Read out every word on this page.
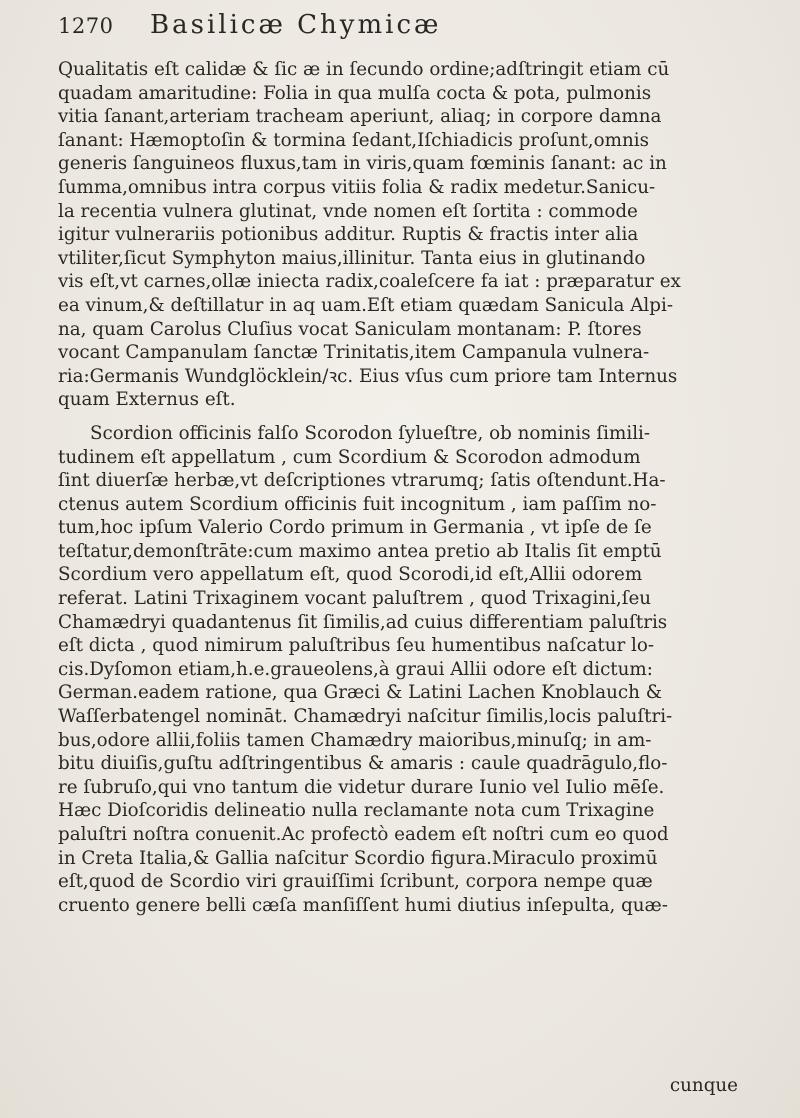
1270	Basilicæ Chymicæ
Qualitatis eſt calidæ & ſic æ in ſecundo ordine;adſtringit etiam cū
quadam amaritudine: Folia in qua mulſa cocta & pota, pulmonis
vitia ſanant,arteriam tracheam aperiunt, aliaq; in corpore damna
ſanant: Hæmoptoſin & tormina ſedant,Iſchiadicis proſunt,omnis
generis ſanguineos fluxus,tam in viris,quam fœminis ſanant: ac in
ſumma,omnibus intra corpus vitiis folia & radix medetur.Sanicu-
la recentia vulnera glutinat, vnde nomen eſt ſortita : commode
igitur vulnerariis potionibus additur. Ruptis & fractis inter alia
vtiliter,ſicut Symphyton maius,illinitur. Tanta eius in glutinando
vis eſt,vt carnes,ollæ iniecta radix,coaleſcere fa iat : præparatur ex
ea vinum,& deſtillatur in aq uam.Eſt etiam quædam Sanicula Alpi-
na, quam Carolus Cluſius vocat Saniculam montanam: P. ſtores
vocant Campanulam ſanctæ Trinitatis,item Campanula vulnera-
ria:Germanis Wundglöcklein/ꝛc. Eius vſus cum priore tam Internus
quam Externus eſt.
Scordion officinis falſo Scorodon ſylueſtre, ob nominis ſimili-
tudinem eſt appellatum , cum Scordium & Scorodon admodum
ſint diuerſæ herbæ,vt deſcriptiones vtrarumq; ſatis oſtendunt.Ha-
ctenus autem Scordium officinis fuit incognitum , iam paſſim no-
tum,hoc ipſum Valerio Cordo primum in Germania , vt ipſe de ſe
teſtatur,demonſtrāte:cum maximo antea pretio ab Italis ſit emptū
Scordium vero appellatum eſt, quod Scorodi,id eſt,Allii odorem
referat. Latini Trixaginem vocant paluſtrem , quod Trixagini,ſeu
Chamædryi quadantenus ſit ſimilis,ad cuius differentiam paluſtris
eſt dicta , quod nimirum paluſtribus ſeu humentibus naſcatur lo-
cis.Dyſomon etiam,h.e.graueolens,à graui Allii odore eſt dictum:
German.eadem ratione, qua Græci & Latini Lachen Knoblauch &
Waſſerbatengel nomināt. Chamædryi naſcitur ſimilis,locis paluſtri-
bus,odore allii,foliis tamen Chamædry maioribus,minuſq; in am-
bitu diuiſis,guſtu adſtringentibus & amaris : caule quadrāgulo,flo-
re ſubruſo,qui vno tantum die videtur durare Iunio vel Iulio mēſe.
Hæc Dioſcoridis delineatio nulla reclamante nota cum Trixagine
paluſtri noſtra conuenit.Ac profectò eadem eſt noſtri cum eo quod
in Creta Italia,& Gallia naſcitur Scordio figura.Miraculo proximū
eſt,quod de Scordio viri grauiſſimi ſcribunt, corpora nempe quæ
cruento genere belli cæſa manſiſſent humi diutius inſepulta, quæ-
cunque
